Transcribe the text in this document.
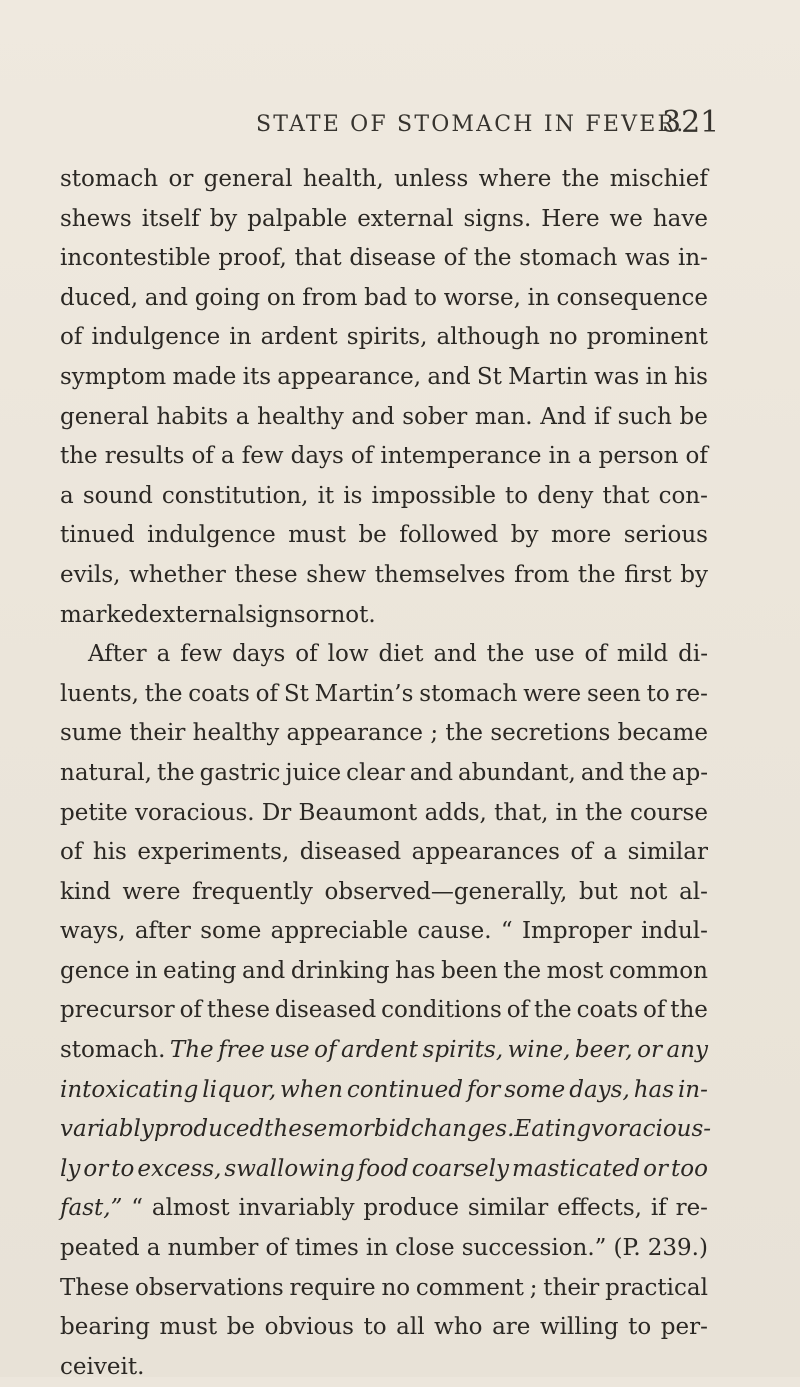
STATE OF STOMACH IN FEVER.
321
stomach or general health, unless where the mischief
shews itself by palpable external signs. Here we have
incontestible proof, that disease of the stomach was in-
duced, and going on from bad to worse, in consequence
of indulgence in ardent spirits, although no prominent
symptom made its appearance, and St Martin was in his
general habits a healthy and sober man. And if such be
the results of a few days of intemperance in a person of
a sound constitution, it is impossible to deny that con-
tinued indulgence must be followed by more serious
evils, whether these shew themselves from the first by
marked external signs or not.
After a few days of low diet and the use of mild di-
luents, the coats of St Martin’s stomach were seen to re-
sume their healthy appearance ; the secretions became
natural, the gastric juice clear and abundant, and the ap-
petite voracious. Dr Beaumont adds, that, in the course
of his experiments, diseased appearances of a similar
kind were frequently observed—generally, but not al-
ways, after some appreciable cause. “ Improper indul-
gence in eating and drinking has been the most common
precursor of these diseased conditions of the coats of the
stomach. The free use of ardent spirits, wine, beer, or any
intoxicating liquor, when continued for some days, has in-
variably produced these morbid changes. Eating voracious-
ly or to excess, swallowing food coarsely masticated or too
fast,” “ almost invariably produce similar effects, if re-
peated a number of times in close succession.” (P. 239.)
These observations require no comment ; their practical
bearing must be obvious to all who are willing to per-
ceive it.
